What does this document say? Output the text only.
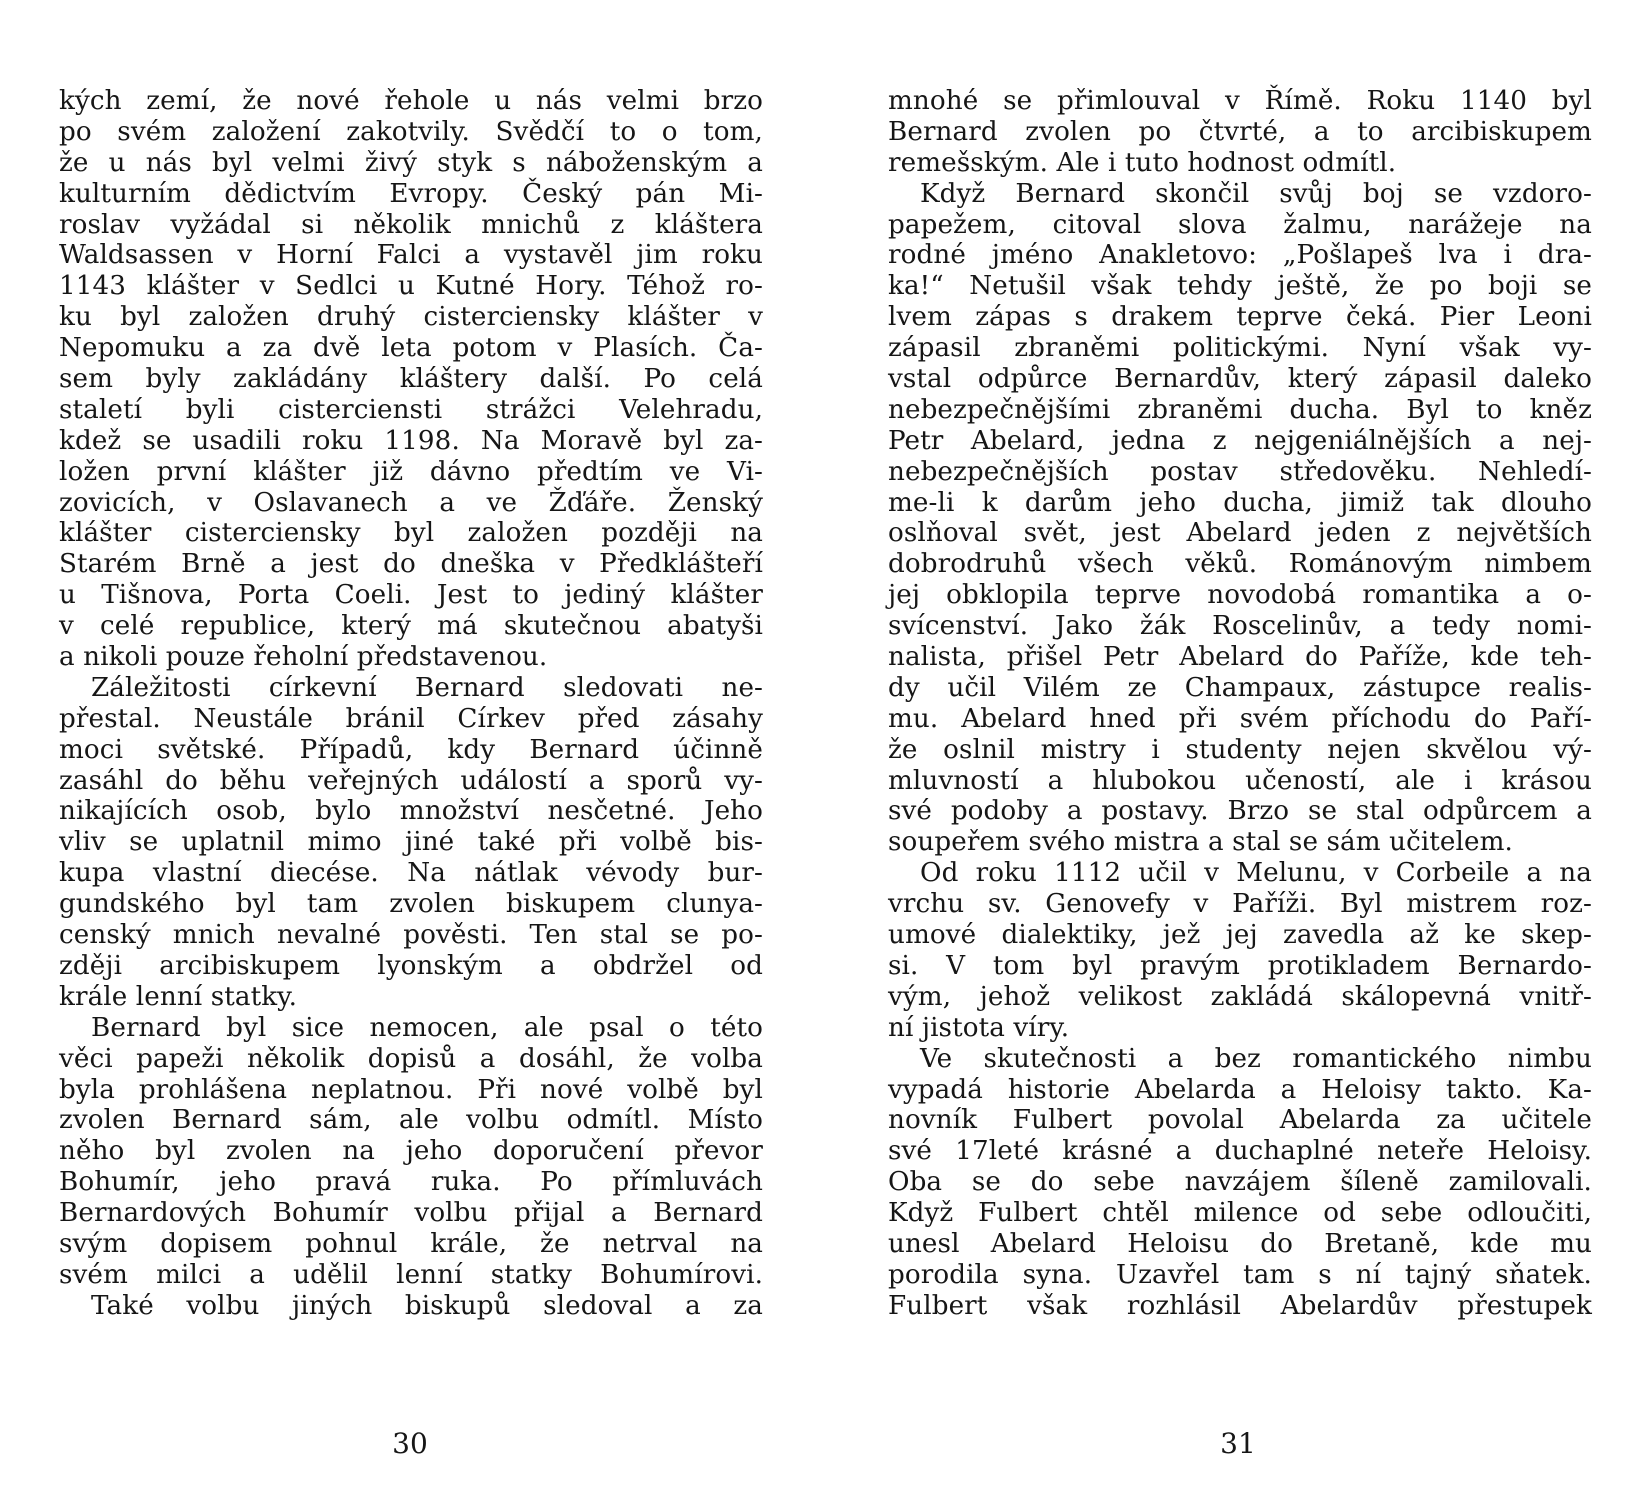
kých zemí, že nové řehole u nás velmi brzo
po svém založení zakotvily. Svědčí to o tom,
že u nás byl velmi živý styk s náboženským a
kulturním dědictvím Evropy. Český pán Mi-
roslav vyžádal si několik mnichů z kláštera
Waldsassen v Horní Falci a vystavěl jim roku
1143 klášter v Sedlci u Kutné Hory. Téhož ro-
ku byl založen druhý cisterciensky klášter v
Nepomuku a za dvě leta potom v Plasích. Ča-
sem byly zakládány kláštery další. Po celá
staletí byli cisterciensti strážci Velehradu,
kdež se usadili roku 1198. Na Moravě byl za-
ložen první klášter již dávno předtím ve Vi-
zovicích, v Oslavanech a ve Žďáře. Ženský
klášter cisterciensky byl založen později na
Starém Brně a jest do dneška v Předklášteří
u Tišnova, Porta Coeli. Jest to jediný klášter
v celé republice, který má skutečnou abatyši
a nikoli pouze řeholní představenou.
Záležitosti církevní Bernard sledovati ne-
přestal. Neustále bránil Církev před zásahy
moci světské. Případů, kdy Bernard účinně
zasáhl do běhu veřejných událostí a sporů vy-
nikajících osob, bylo množství nesčetné. Jeho
vliv se uplatnil mimo jiné také při volbě bis-
kupa vlastní diecése. Na nátlak vévody bur-
gundského byl tam zvolen biskupem clunya-
censký mnich nevalné pověsti. Ten stal se po-
zději arcibiskupem lyonským a obdržel od
krále lenní statky.
Bernard byl sice nemocen, ale psal o této
věci papeži několik dopisů a dosáhl, že volba
byla prohlášena neplatnou. Při nové volbě byl
zvolen Bernard sám, ale volbu odmítl. Místo
něho byl zvolen na jeho doporučení převor
Bohumír, jeho pravá ruka. Po přímluvách
Bernardových Bohumír volbu přijal a Bernard
svým dopisem pohnul krále, že netrval na
svém milci a udělil lenní statky Bohumírovi.
Také volbu jiných biskupů sledoval a za
30
mnohé se přimlouval v Římě. Roku 1140 byl
Bernard zvolen po čtvrté, a to arcibiskupem
remešským. Ale i tuto hodnost odmítl.
Když Bernard skončil svůj boj se vzdoro-
papežem, citoval slova žalmu, narážeje na
rodné jméno Anakletovo: „Pošlapeš lva i dra-
ka!“ Netušil však tehdy ještě, že po boji se
lvem zápas s drakem teprve čeká. Pier Leoni
zápasil zbraněmi politickými. Nyní však vy-
vstal odpůrce Bernardův, který zápasil daleko
nebezpečnějšími zbraněmi ducha. Byl to kněz
Petr Abelard, jedna z nejgeniálnějších a nej-
nebezpečnějších postav středověku. Nehledí-
me-li k darům jeho ducha, jimiž tak dlouho
oslňoval svět, jest Abelard jeden z největších
dobrodruhů všech věků. Románovým nimbem
jej obklopila teprve novodobá romantika a o-
svícenství. Jako žák Roscelinův, a tedy nomi-
nalista, přišel Petr Abelard do Paříže, kde teh-
dy učil Vilém ze Champaux, zástupce realis-
mu. Abelard hned při svém příchodu do Paří-
že oslnil mistry i studenty nejen skvělou vý-
mluvností a hlubokou učeností, ale i krásou
své podoby a postavy. Brzo se stal odpůrcem a
soupeřem svého mistra a stal se sám učitelem.
Od roku 1112 učil v Melunu, v Corbeile a na
vrchu sv. Genovefy v Paříži. Byl mistrem roz-
umové dialektiky, jež jej zavedla až ke skep-
si. V tom byl pravým protikladem Bernardo-
vým, jehož velikost zakládá skálopevná vnitř-
ní jistota víry.
Ve skutečnosti a bez romantického nimbu
vypadá historie Abelarda a Heloisy takto. Ka-
novník Fulbert povolal Abelarda za učitele
své 17leté krásné a duchaplné neteře Heloisy.
Oba se do sebe navzájem šíleně zamilovali.
Když Fulbert chtěl milence od sebe odloučiti,
unesl Abelard Heloisu do Bretaně, kde mu
porodila syna. Uzavřel tam s ní tajný sňatek.
Fulbert však rozhlásil Abelardův přestupek
31
